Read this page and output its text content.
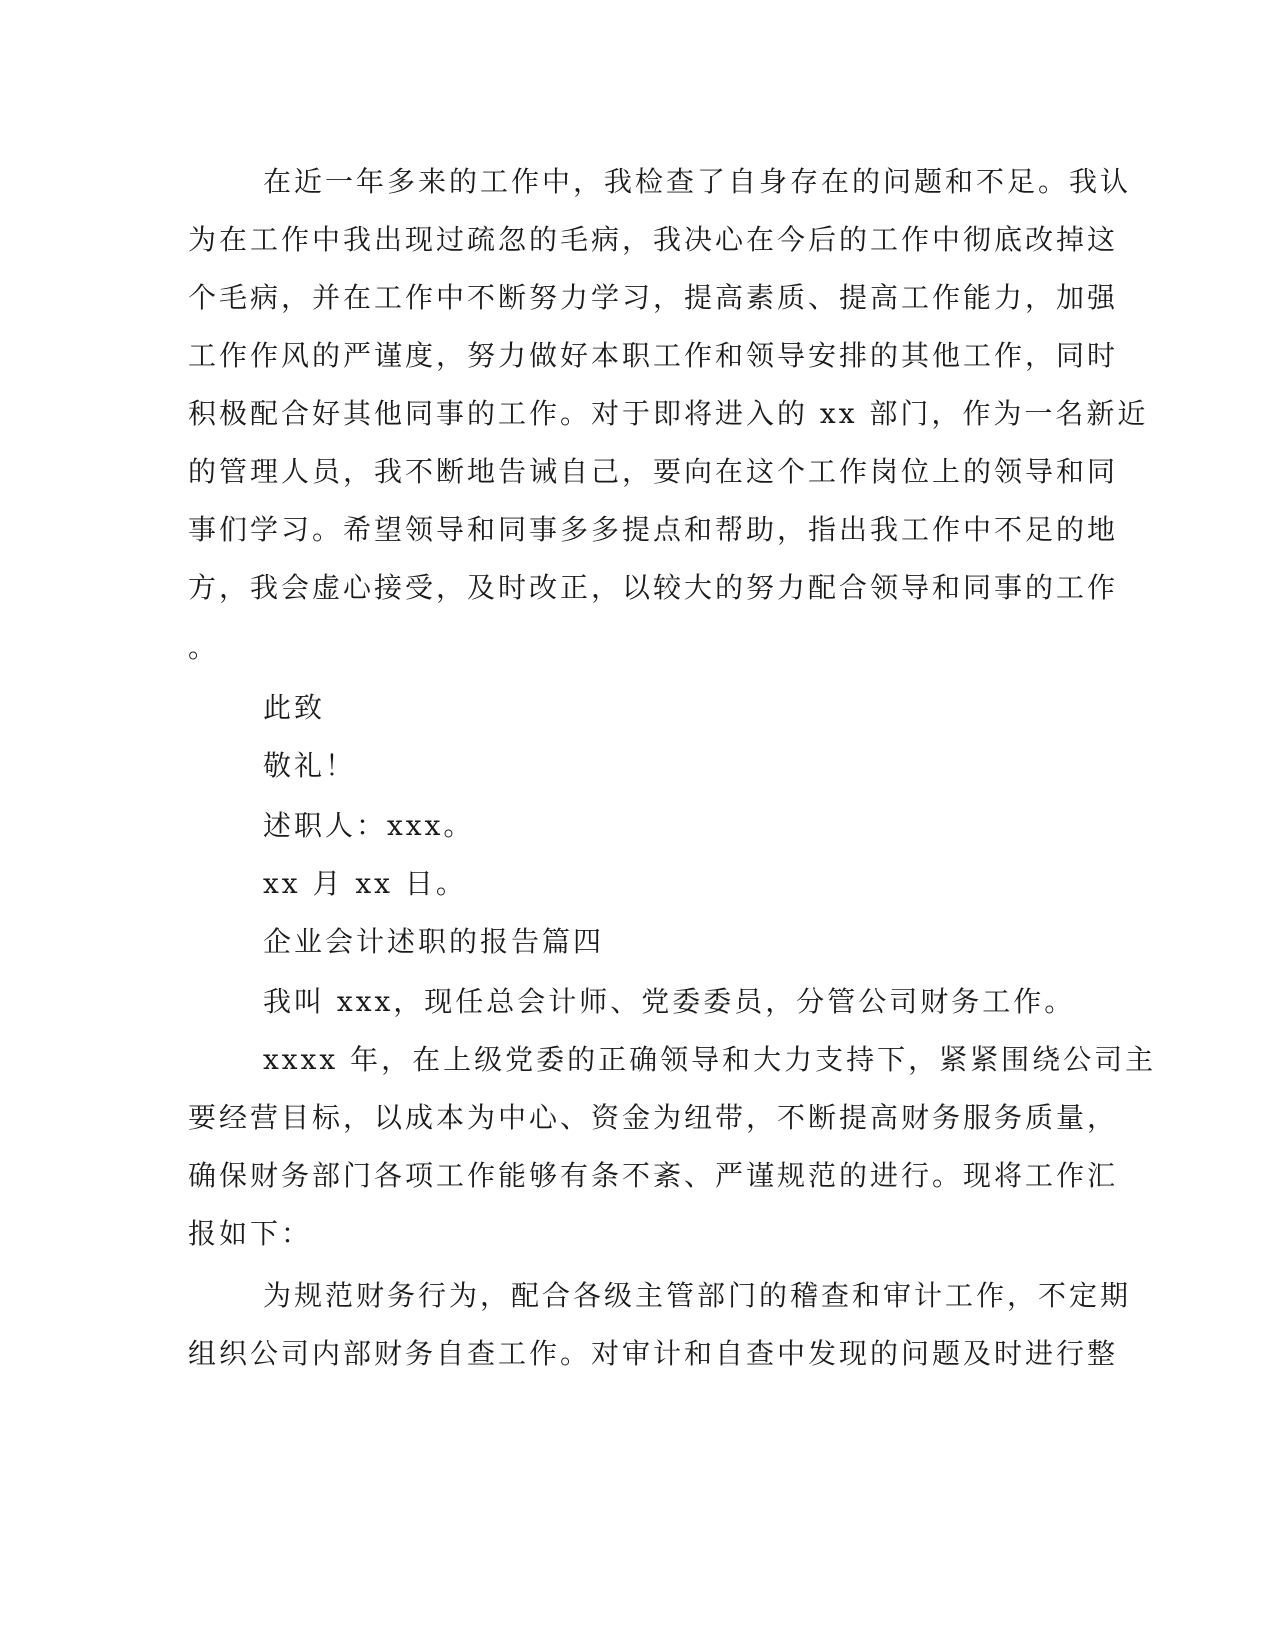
在近一年多来的工作中，我检查了自身存在的问题和不足。我认
为在工作中我出现过疏忽的毛病，我决心在今后的工作中彻底改掉这
个毛病，并在工作中不断努力学习，提高素质、提高工作能力，加强
工作作风的严谨度，努力做好本职工作和领导安排的其他工作，同时
积极配合好其他同事的工作。对于即将进入的 xx 部门，作为一名新近
的管理人员，我不断地告诫自己，要向在这个工作岗位上的领导和同
事们学习。希望领导和同事多多提点和帮助，指出我工作中不足的地
方，我会虚心接受，及时改正，以较大的努力配合领导和同事的工作
。
此致
敬礼！
述职人：xxx。
xx 月 xx 日。
企业会计述职的报告篇四
我叫 xxx，现任总会计师、党委委员，分管公司财务工作。
xxxx 年，在上级党委的正确领导和大力支持下，紧紧围绕公司主
要经营目标，以成本为中心、资金为纽带，不断提高财务服务质量，
确保财务部门各项工作能够有条不紊、严谨规范的进行。现将工作汇
报如下：
为规范财务行为，配合各级主管部门的稽查和审计工作，不定期
组织公司内部财务自查工作。对审计和自查中发现的问题及时进行整
